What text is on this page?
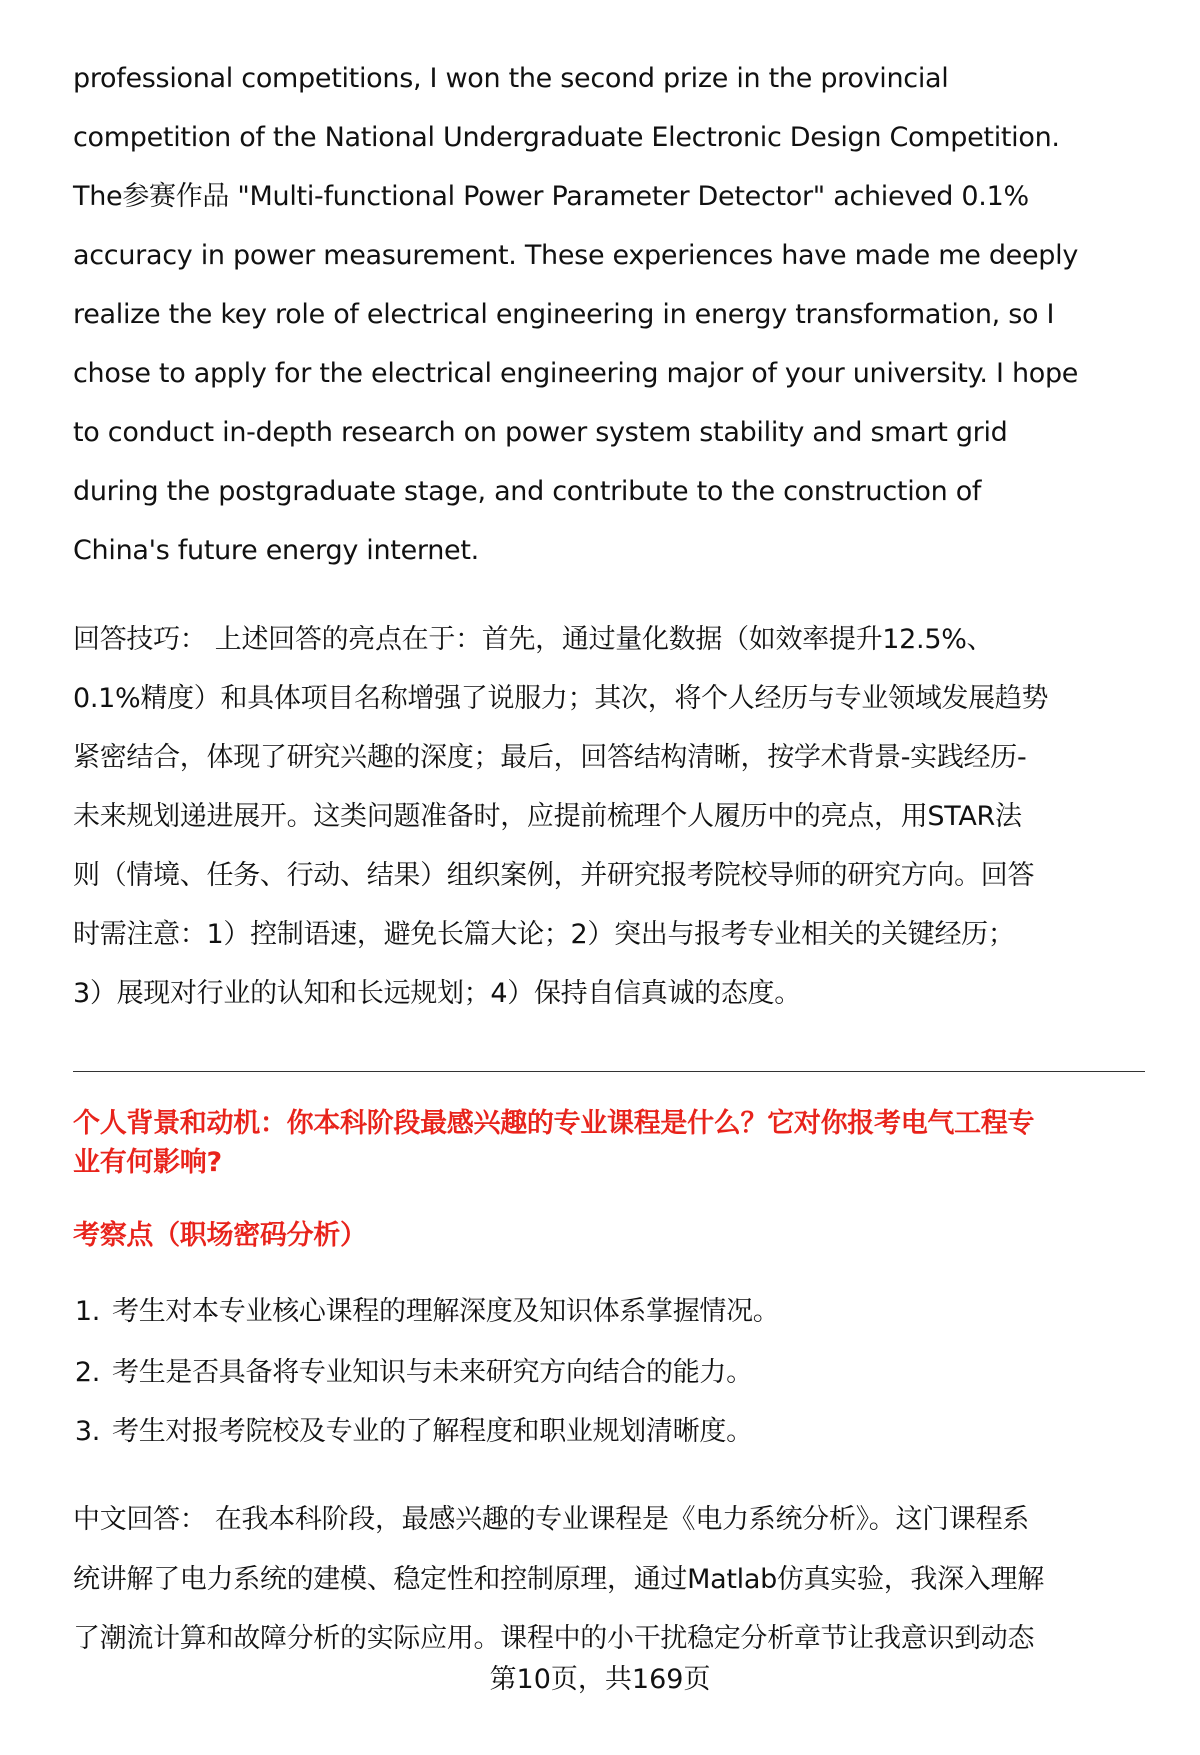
professional competitions, I won the second prize in the provincial
competition of the National Undergraduate Electronic Design Competition.
The参赛作品 "Multi-functional Power Parameter Detector" achieved 0.1%
accuracy in power measurement. These experiences have made me deeply
realize the key role of electrical engineering in energy transformation, so I
chose to apply for the electrical engineering major of your university. I hope
to conduct in-depth research on power system stability and smart grid
during the postgraduate stage, and contribute to the construction of
China's future energy internet.
回答技巧： 上述回答的亮点在于：首先，通过量化数据（如效率提升12.5%、
0.1%精度）和具体项目名称增强了说服力；其次，将个人经历与专业领域发展趋势
紧密结合，体现了研究兴趣的深度；最后，回答结构清晰，按学术背景-实践经历-
未来规划递进展开。这类问题准备时，应提前梳理个人履历中的亮点，用STAR法
则（情境、任务、行动、结果）组织案例，并研究报考院校导师的研究方向。回答
时需注意：1）控制语速，避免长篇大论；2）突出与报考专业相关的关键经历；
3）展现对行业的认知和长远规划；4）保持自信真诚的态度。
个人背景和动机：你本科阶段最感兴趣的专业课程是什么？它对你报考电气工程专
业有何影响?
考察点（职场密码分析）
1. 考生对本专业核心课程的理解深度及知识体系掌握情况。
2. 考生是否具备将专业知识与未来研究方向结合的能力。
3. 考生对报考院校及专业的了解程度和职业规划清晰度。
中文回答： 在我本科阶段，最感兴趣的专业课程是《电力系统分析》。这门课程系
统讲解了电力系统的建模、稳定性和控制原理，通过Matlab仿真实验，我深入理解
了潮流计算和故障分析的实际应用。课程中的小干扰稳定分析章节让我意识到动态
第10页，共169页
